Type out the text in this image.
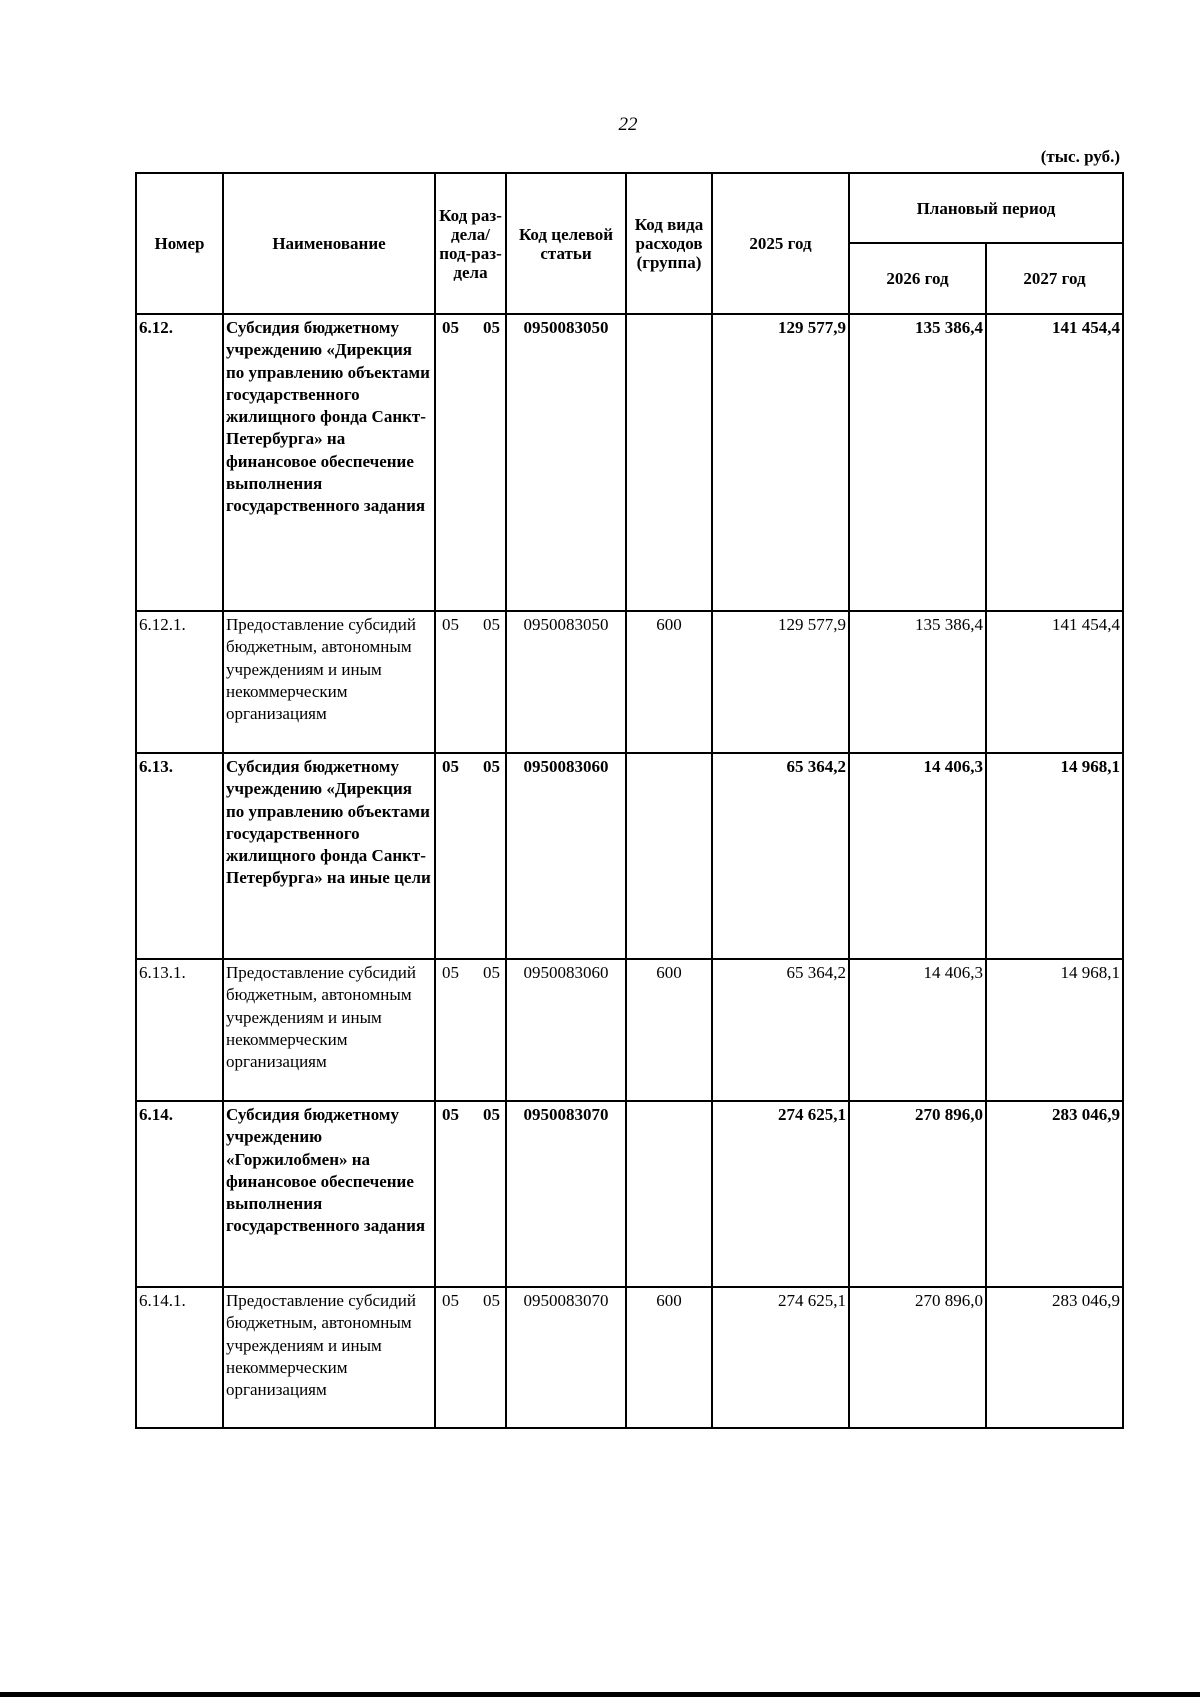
22
(тыс. руб.)
Номер	Наименование	Код раз-дела/ под-раз-дела	Код целевой статьи	Код вида расходов (группа)	2025 год	Плановый период	
						2026 год	2027 год
6.12.	Субсидия бюджетному учреждению «Дирекция по управлению объектами государственного жилищного фонда Санкт-Петербурга» на финансовое обеспечение выполнения государственного задания	05 05	0950083050		129 577,9	135 386,4	141 454,4
6.12.1.	Предоставление субсидий бюджетным, автономным учреждениям и иным некоммерческим организациям	05 05	0950083050	600	129 577,9	135 386,4	141 454,4
6.13.	Субсидия бюджетному учреждению «Дирекция по управлению объектами государственного жилищного фонда Санкт-Петербурга» на иные цели	05 05	0950083060		65 364,2	14 406,3	14 968,1
6.13.1.	Предоставление субсидий бюджетным, автономным учреждениям и иным некоммерческим организациям	05 05	0950083060	600	65 364,2	14 406,3	14 968,1
6.14.	Субсидия бюджетному учреждению «Горжилобмен» на финансовое обеспечение выполнения государственного задания	05 05	0950083070		274 625,1	270 896,0	283 046,9
6.14.1.	Предоставление субсидий бюджетным, автономным учреждениям и иным некоммерческим организациям	05 05	0950083070	600	274 625,1	270 896,0	283 046,9
